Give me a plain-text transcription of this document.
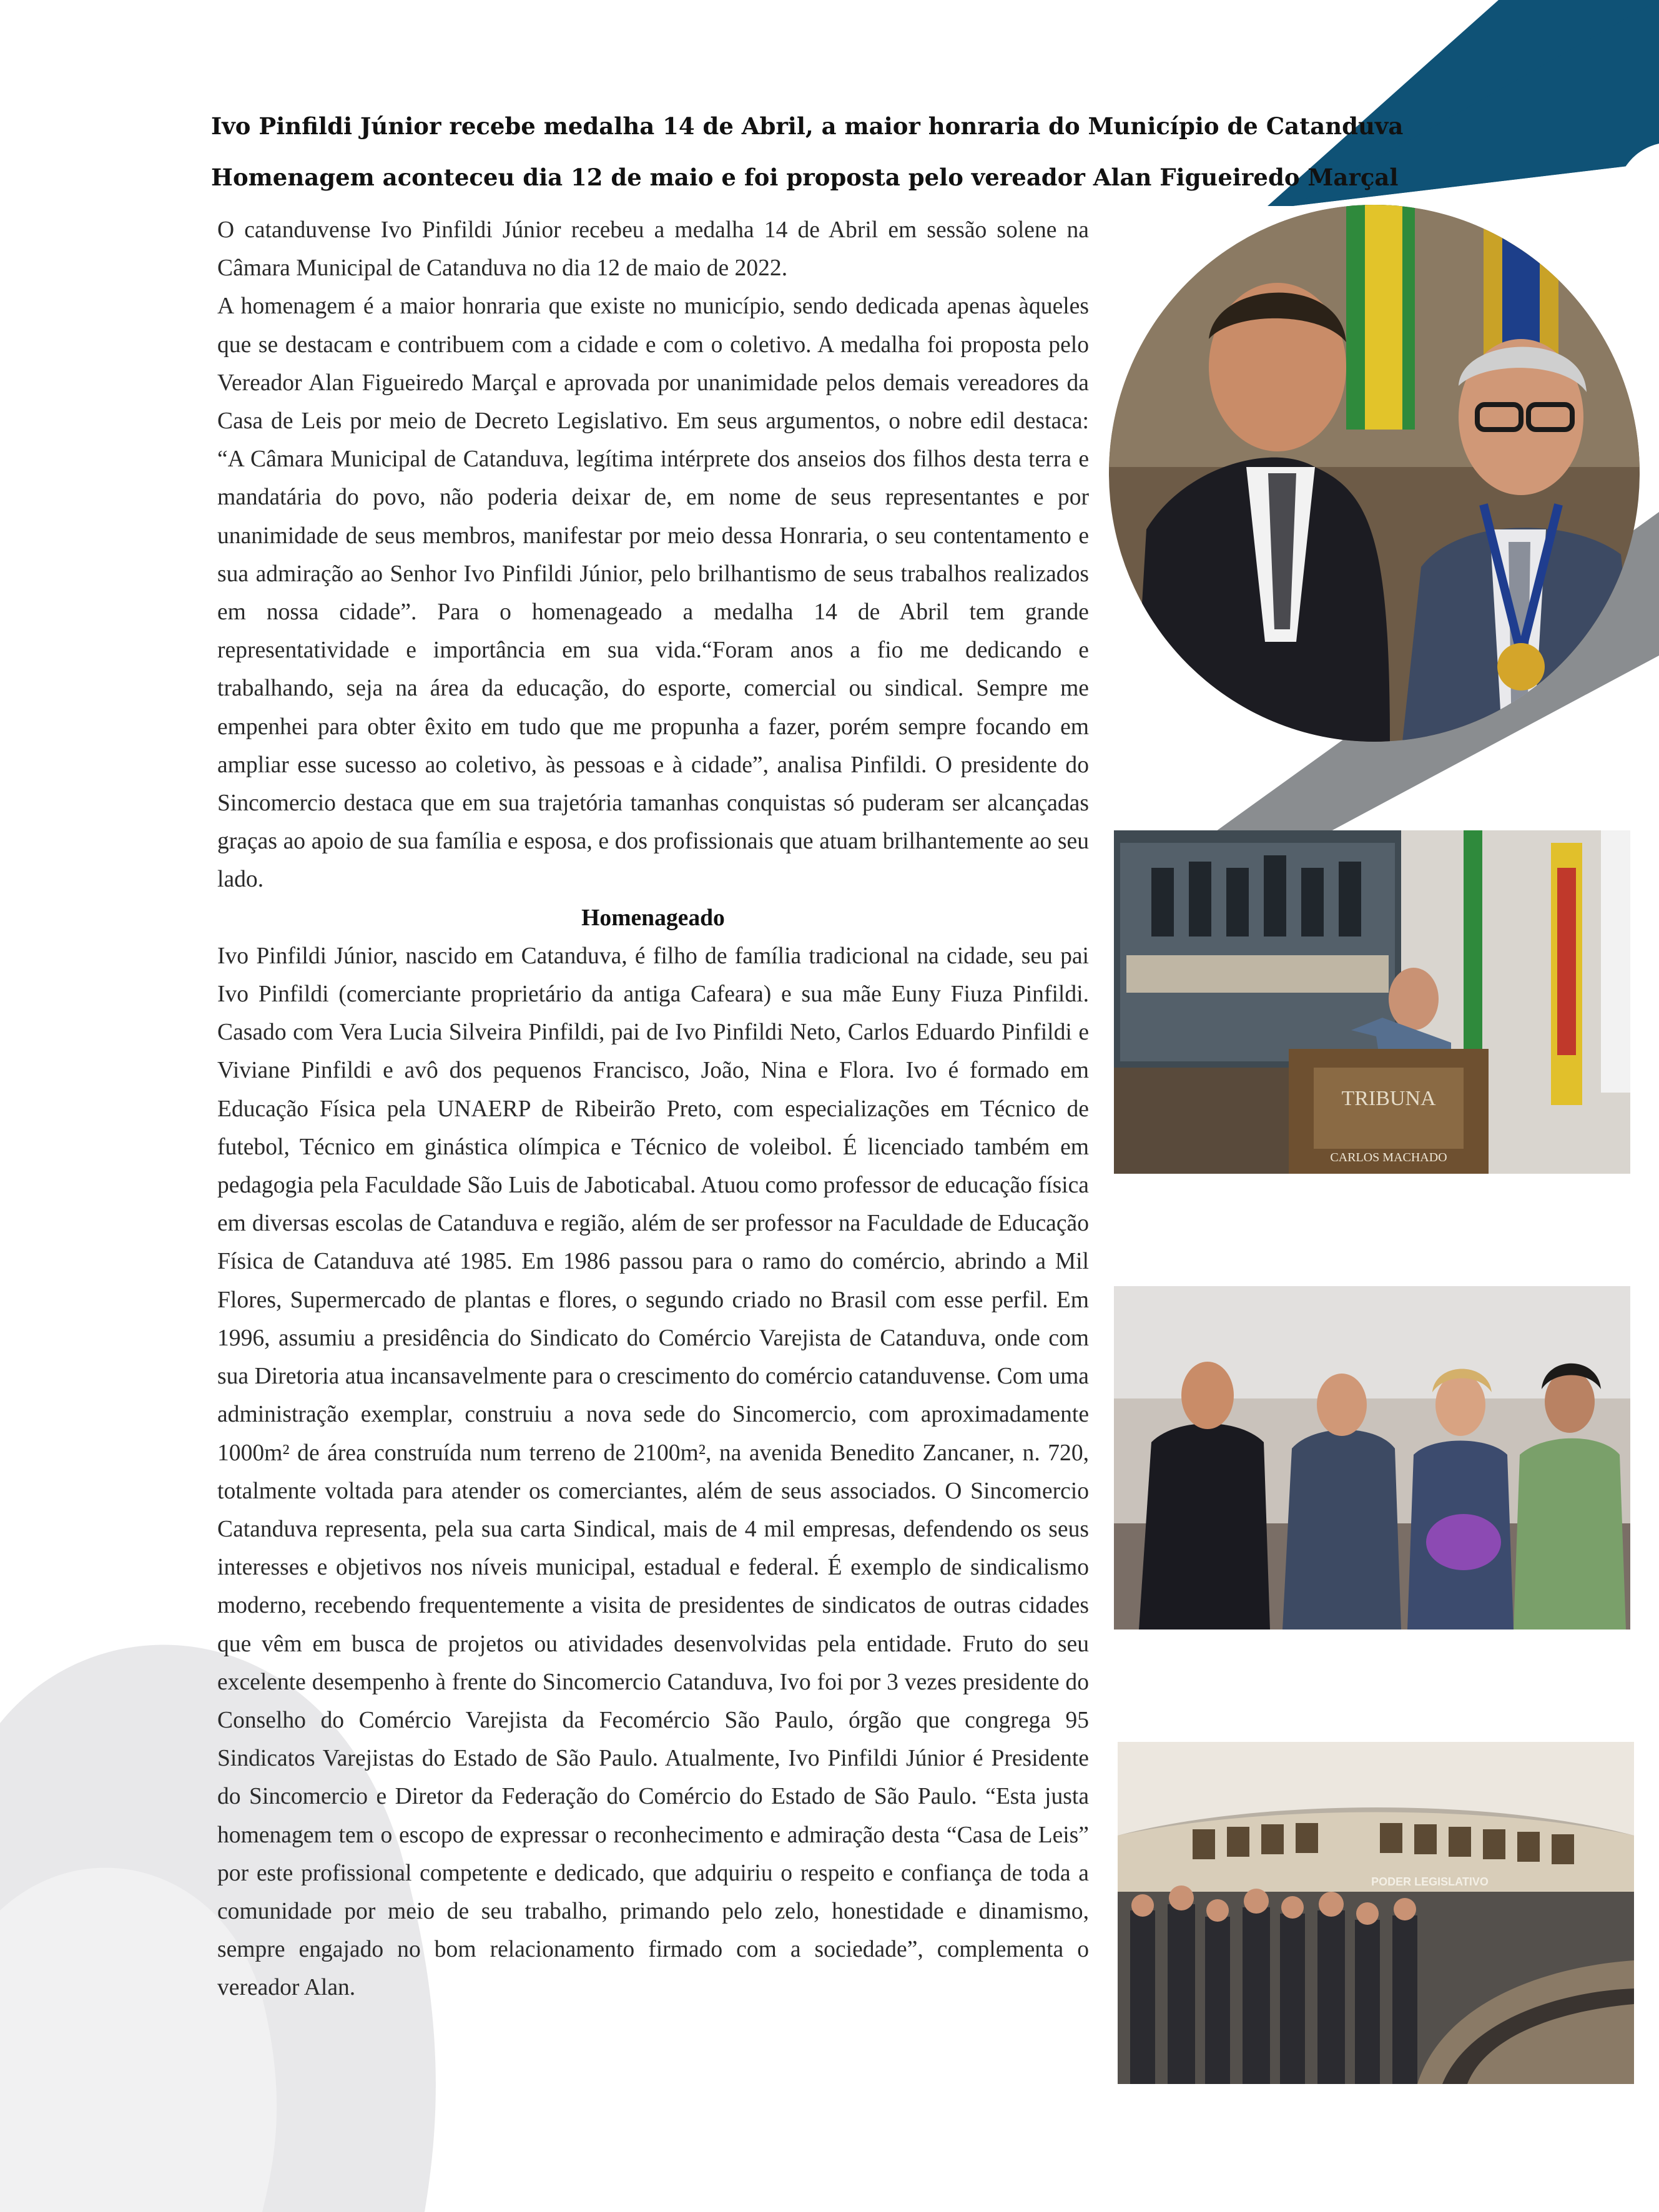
Ivo Pinfildi Júnior recebe medalha 14 de Abril, a maior honraria do Município de Catanduva
Homenagem aconteceu dia 12 de maio e foi proposta pelo vereador Alan Figueiredo Marçal

O catanduvense Ivo Pinfildi Júnior recebeu a medalha 14 de Abril em sessão solene na Câmara Municipal de Catanduva no dia 12 de maio de 2022.

A homenagem é a maior honraria que existe no município, sendo dedicada apenas àqueles que se destacam e contribuem com a cidade e com o coletivo. A medalha foi proposta pelo Vereador Alan Figueiredo Marçal e aprovada por unanimidade pelos demais vereadores da Casa de Leis por meio de Decreto Legislativo. Em seus argumentos, o nobre edil destaca: “A Câmara Municipal de Catanduva, legítima intérprete dos anseios dos filhos desta terra e mandatária do povo, não poderia deixar de, em nome de seus representantes e por unanimidade de seus membros, manifestar por meio dessa Honraria, o seu contentamento e sua admiração ao Senhor Ivo Pinfildi Júnior, pelo brilhantismo de seus trabalhos realizados em nossa cidade”. Para o homenageado a medalha 14 de Abril tem grande representatividade e importância em sua vida.“Foram anos a fio me dedicando e trabalhando, seja na área da educação, do esporte, comercial ou sindical. Sempre me empenhei para obter êxito em tudo que me propunha a fazer, porém sempre focando em ampliar esse sucesso ao coletivo, às pessoas e à cidade”, analisa Pinfildi. O presidente do Sincomercio destaca que em sua trajetória tamanhas conquistas só puderam ser alcançadas graças ao apoio de sua família e esposa, e dos profissionais que atuam brilhantemente ao seu lado.

Homenageado

Ivo Pinfildi Júnior, nascido em Catanduva, é filho de família tradicional na cidade, seu pai Ivo Pinfildi (comerciante proprietário da antiga Cafeara) e sua mãe Euny Fiuza Pinfildi. Casado com Vera Lucia Silveira Pinfildi, pai de Ivo Pinfildi Neto, Carlos Eduardo Pinfildi e Viviane Pinfildi e avô dos pequenos Francisco, João, Nina e Flora. Ivo é formado em Educação Física pela UNAERP de Ribeirão Preto, com especializações em Técnico de futebol, Técnico em ginástica olímpica e Técnico de voleibol. É licenciado também em pedagogia pela Faculdade São Luis de Jaboticabal. Atuou como professor de educação física em diversas escolas de Catanduva e região, além de ser professor na Faculdade de Educação Física de Catanduva até 1985. Em 1986 passou para o ramo do comércio, abrindo a Mil Flores, Supermercado de plantas e flores, o segundo criado no Brasil com esse perfil. Em 1996, assumiu a presidência do Sindicato do Comércio Varejista de Catanduva, onde com sua Diretoria atua incansavelmente para o crescimento do comércio catanduvense. Com uma administração exemplar, construiu a nova sede do Sincomercio, com aproximadamente 1000m² de área construída num terreno de 2100m², na avenida Benedito Zancaner, n. 720, totalmente voltada para atender os comerciantes, além de seus associados. O Sincomercio Catanduva representa, pela sua carta Sindical, mais de 4 mil empresas, defendendo os seus interesses e objetivos nos níveis municipal, estadual e federal. É exemplo de sindicalismo moderno, recebendo frequentemente a visita de presidentes de sindicatos de outras cidades que vêm em busca de projetos ou atividades desenvolvidas pela entidade. Fruto do seu excelente desempenho à frente do Sincomercio Catanduva, Ivo foi por 3 vezes presidente do Conselho do Comércio Varejista da Fecomércio São Paulo, órgão que congrega 95 Sindicatos Varejistas do Estado de São Paulo. Atualmente, Ivo Pinfildi Júnior é Presidente do Sincomercio e Diretor da Federação do Comércio do Estado de São Paulo. “Esta justa homenagem tem o escopo de expressar o reconhecimento e admiração desta “Casa de Leis” por este profissional competente e dedicado, que adquiriu o respeito e confiança de toda a comunidade por meio de seu trabalho, primando pelo zelo, honestidade e dinamismo, sempre engajado no bom relacionamento firmado com a sociedade”, complementa o vereador Alan.

TRIBUNA
CARLOS MACHADO
PODER LEGISLATIVO
